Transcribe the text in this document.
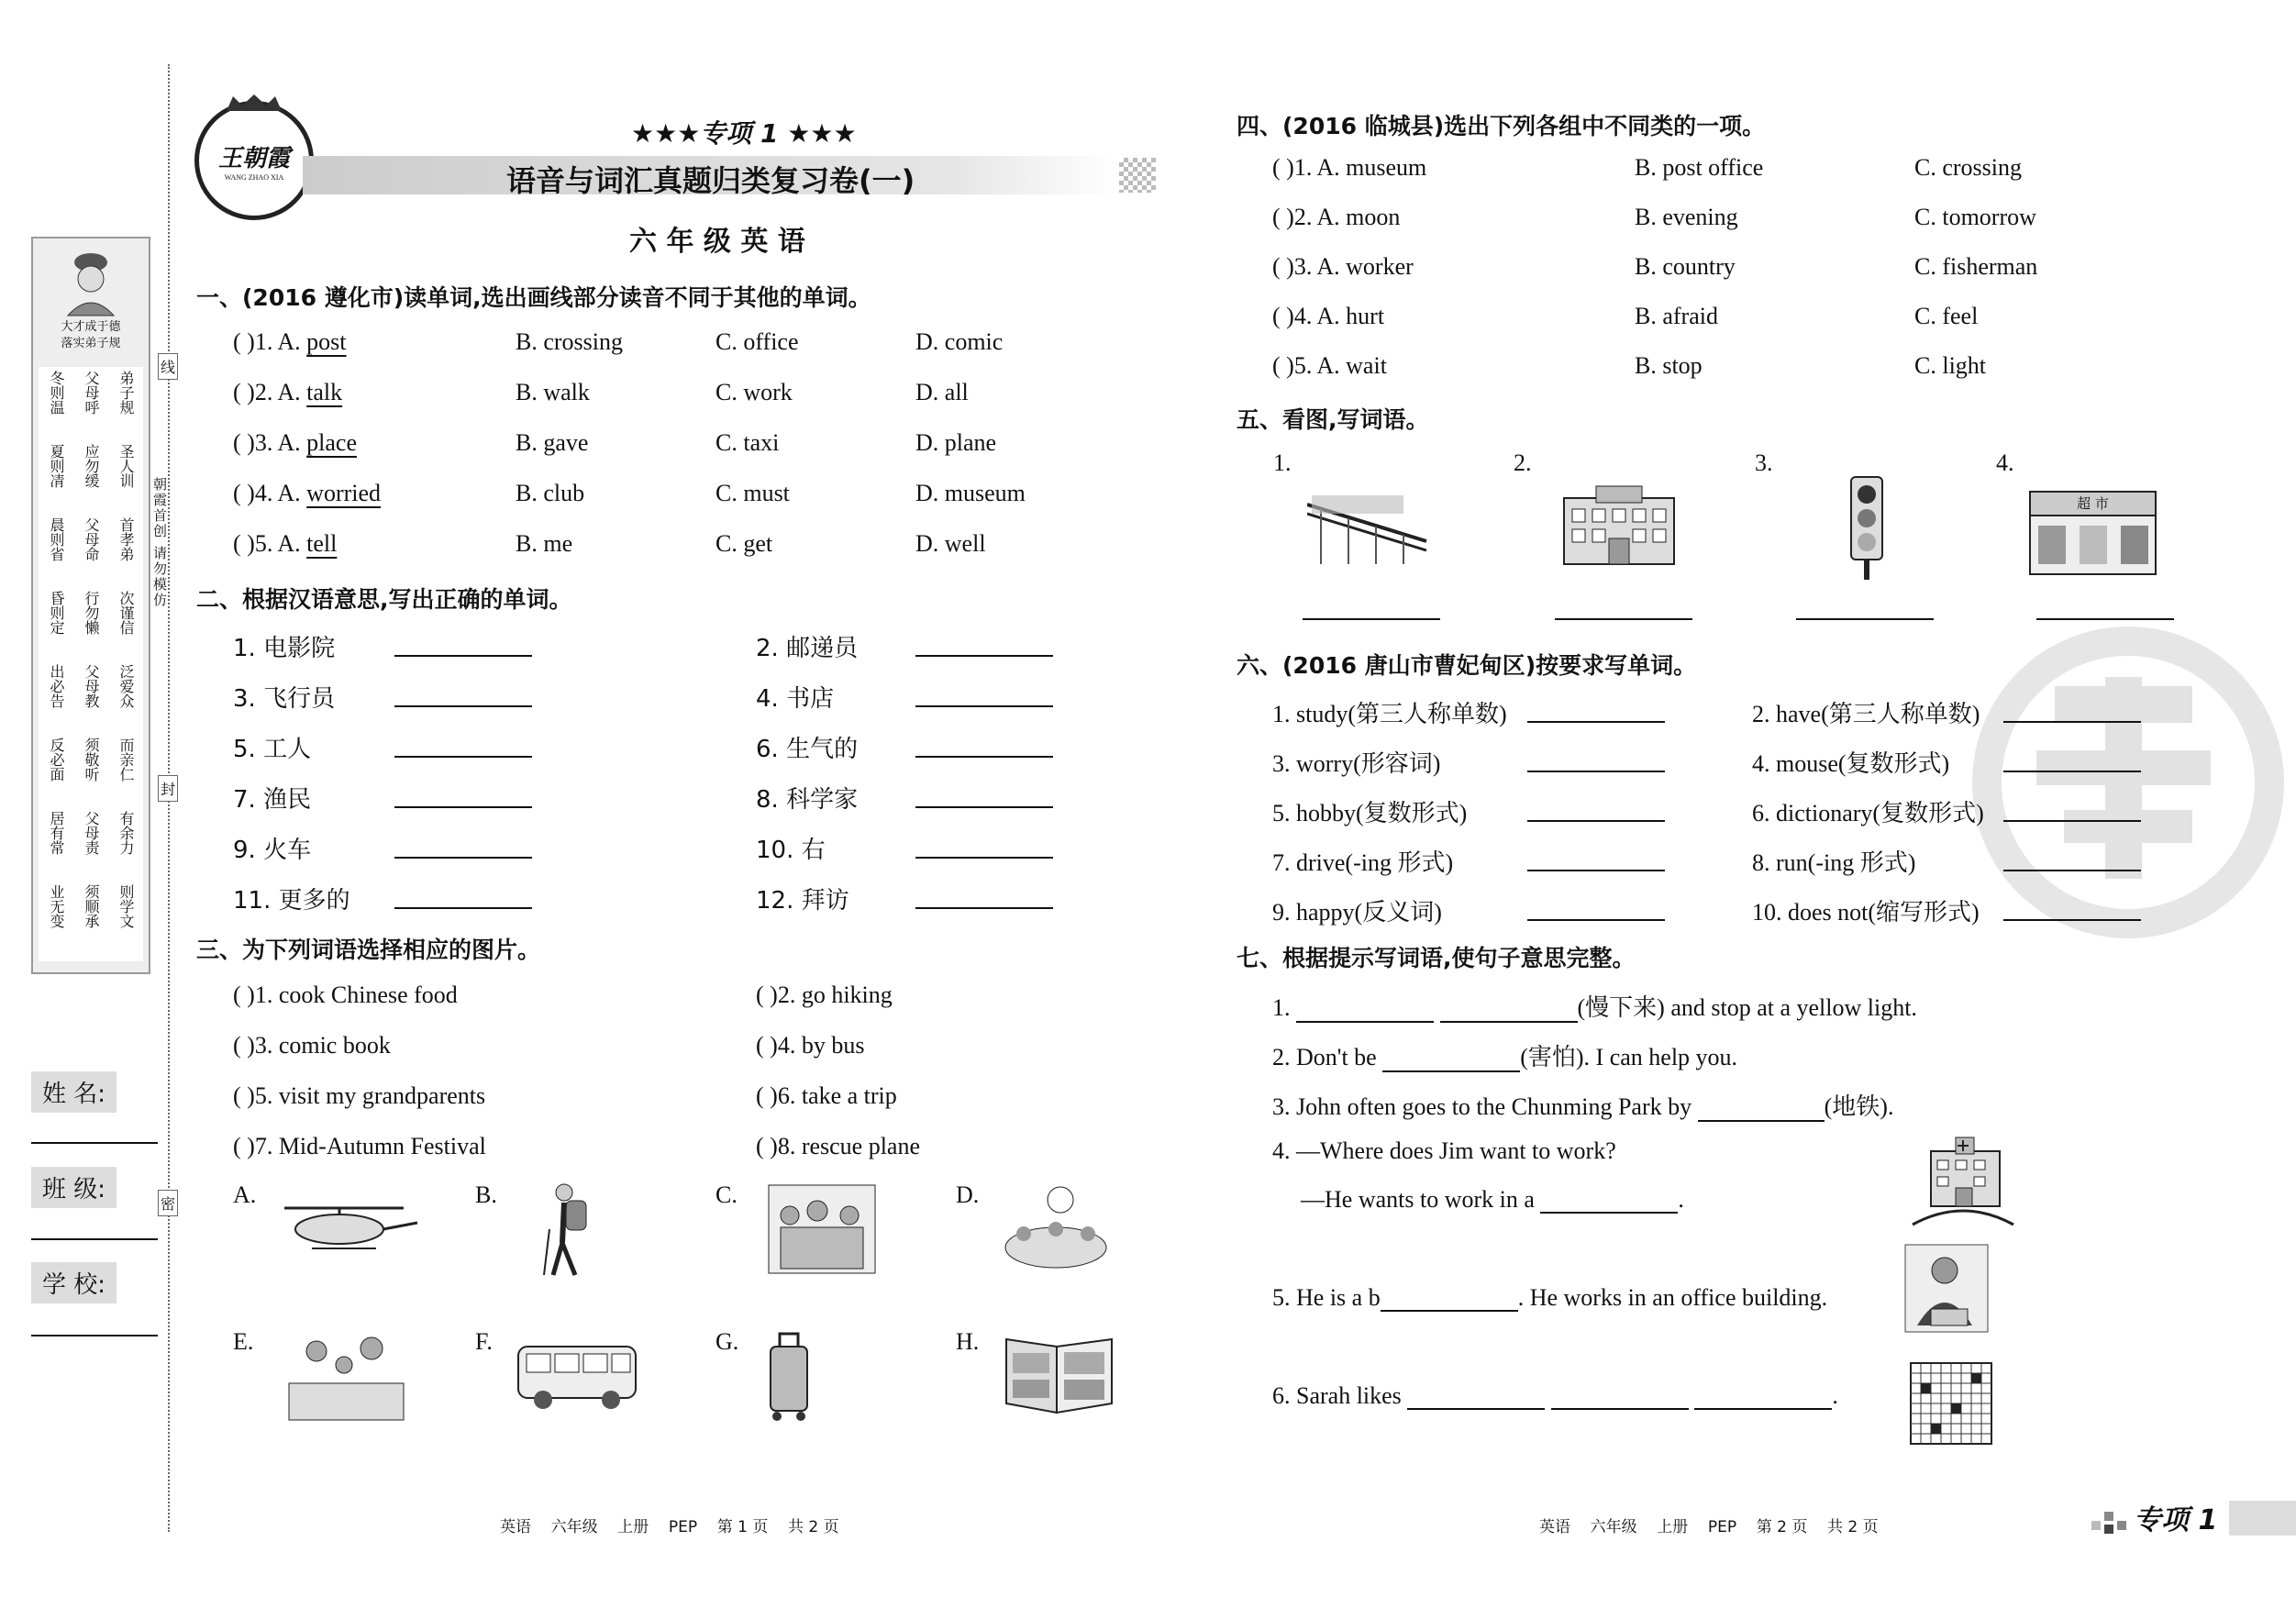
大才成于德
落实弟子规
冬则温 父母呼 弟子规
夏则凊 应勿缓 圣人训
晨则省 父母命 首孝弟
昏则定 行勿懒 次谨信
出必告 父母教 泛爱众
反必面 须敬听 而亲仁
居有常 父母责 有余力
业无变 须顺承 则学文
朝霞首创 请勿模仿
线
封
密
姓 名:
班 级:
学 校:
王朝霞
WANG ZHAO XIA
★★★专项 1 ★★★
语音与词汇真题归类复习卷(一)
六 年 级 英 语
一、(2016 遵化市)读单词,选出画线部分读音不同于其他的单词。
( )1. A. post	B. crossing	C. office	D. comic
( )2. A. talk	B. walk	C. work	D. all
( )3. A. place	B. gave	C. taxi	D. plane
( )4. A. worried	B. club	C. must	D. museum
( )5. A. tell	B. me	C. get	D. well
二、根据汉语意思,写出正确的单词。
1. 电影院	2. 邮递员
3. 飞行员	4. 书店
5. 工人	6. 生气的
7. 渔民	8. 科学家
9. 火车	10. 右
11. 更多的	12. 拜访
三、为下列词语选择相应的图片。
( )1. cook Chinese food	( )2. go hiking
( )3. comic book	( )4. by bus
( )5. visit my grandparents	( )6. take a trip
( )7. Mid-Autumn Festival	( )8. rescue plane
A.	B.	C.	D.
E.	F.	G.	H.
英语    六年级    上册    PEP    第 1 页    共 2 页
四、(2016 临城县)选出下列各组中不同类的一项。
( )1. A. museum	B. post office	C. crossing
( )2. A. moon	B. evening	C. tomorrow
( )3. A. worker	B. country	C. fisherman
( )4. A. hurt	B. afraid	C. feel
( )5. A. wait	B. stop	C. light
五、看图,写词语。
1.	2.	3.	4.
超 市
六、(2016 唐山市曹妃甸区)按要求写单词。
1. study(第三人称单数)	2. have(第三人称单数)
3. worry(形容词)	4. mouse(复数形式)
5. hobby(复数形式)	6. dictionary(复数形式)
7. drive(-ing 形式)	8. run(-ing 形式)
9. happy(反义词)	10. does not(缩写形式)
七、根据提示写词语,使句子意思完整。
1.	(慢下来) and stop at a yellow light.
2. Don't be	(害怕). I can help you.
3. John often goes to the Chunming Park by	(地铁).
4. —Where does Jim want to work?
—He wants to work in a	.
5. He is a b	. He works in an office building.
6. Sarah likes	.
英语    六年级    上册    PEP    第 2 页    共 2 页	专项 1
